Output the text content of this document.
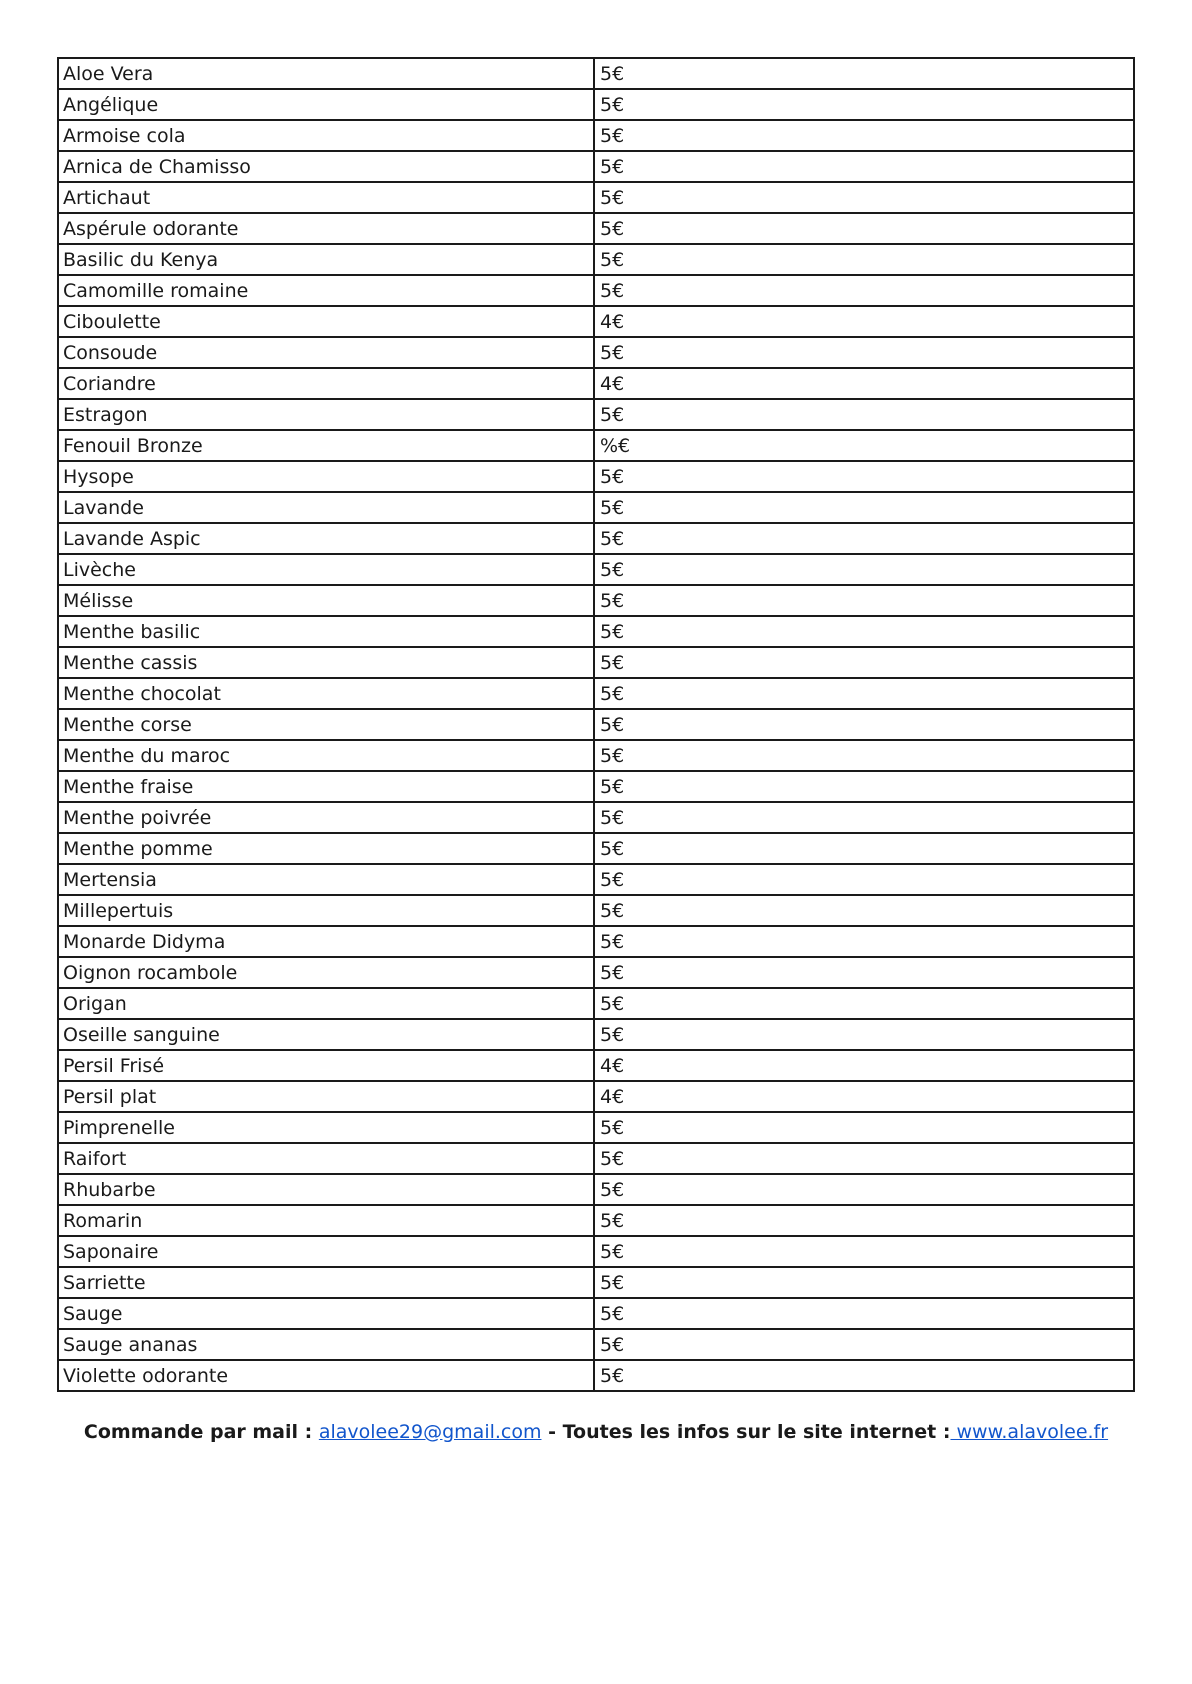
Aloe Vera	5€
Angélique	5€
Armoise cola	5€
Arnica de Chamisso	5€
Artichaut	5€
Aspérule odorante	5€
Basilic du Kenya	5€
Camomille romaine	5€
Ciboulette	4€
Consoude	5€
Coriandre	4€
Estragon	5€
Fenouil Bronze	%€
Hysope	5€
Lavande	5€
Lavande Aspic	5€
Livèche	5€
Mélisse	5€
Menthe basilic	5€
Menthe cassis	5€
Menthe chocolat	5€
Menthe corse	5€
Menthe du maroc	5€
Menthe fraise	5€
Menthe poivrée	5€
Menthe pomme	5€
Mertensia	5€
Millepertuis	5€
Monarde Didyma	5€
Oignon rocambole	5€
Origan	5€
Oseille sanguine	5€
Persil Frisé	4€
Persil plat	4€
Pimprenelle	5€
Raifort	5€
Rhubarbe	5€
Romarin	5€
Saponaire	5€
Sarriette	5€
Sauge	5€
Sauge ananas	5€
Violette odorante	5€
Commande par mail : alavolee29@gmail.com - Toutes les infos sur le site internet : www.alavolee.fr
